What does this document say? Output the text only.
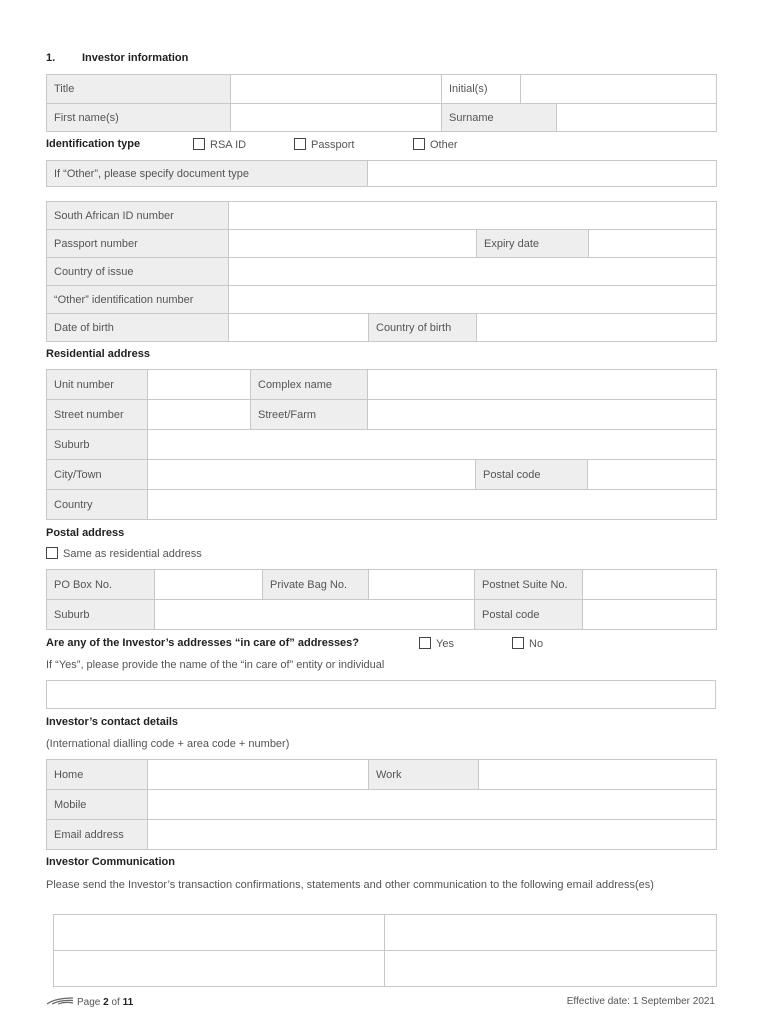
1. Investor information
Title			Initial(s)	

First name(s)		Surname	
Identification type	RSA ID	Passport	Other
If “Other”, please specify document type	
South African ID number				
Passport number			Expiry date	
Country of issue				
“Other” identification number				
Date of birth		Country of birth		
Residential address
Unit number		Complex name			
Street number		Street/Farm			
Suburb					
City/Town				Postal code	
Country					
Postal address
Same as residential address
PO Box No.		Private Bag No.		Postnet Suite No.	
Suburb				Postal code	
Are any of the Investor’s addresses “in care of” addresses?	Yes	No
If “Yes”, please provide the name of the “in care of” entity or individual
Investor’s contact details
(International dialling code + area code + number)
Home		Work	
Mobile			
Email address			
Investor Communication
Please send the Investor’s transaction confirmations, statements and other communication to the following email address(es)

Page 2 of 11	Effective date: 1 September 2021
